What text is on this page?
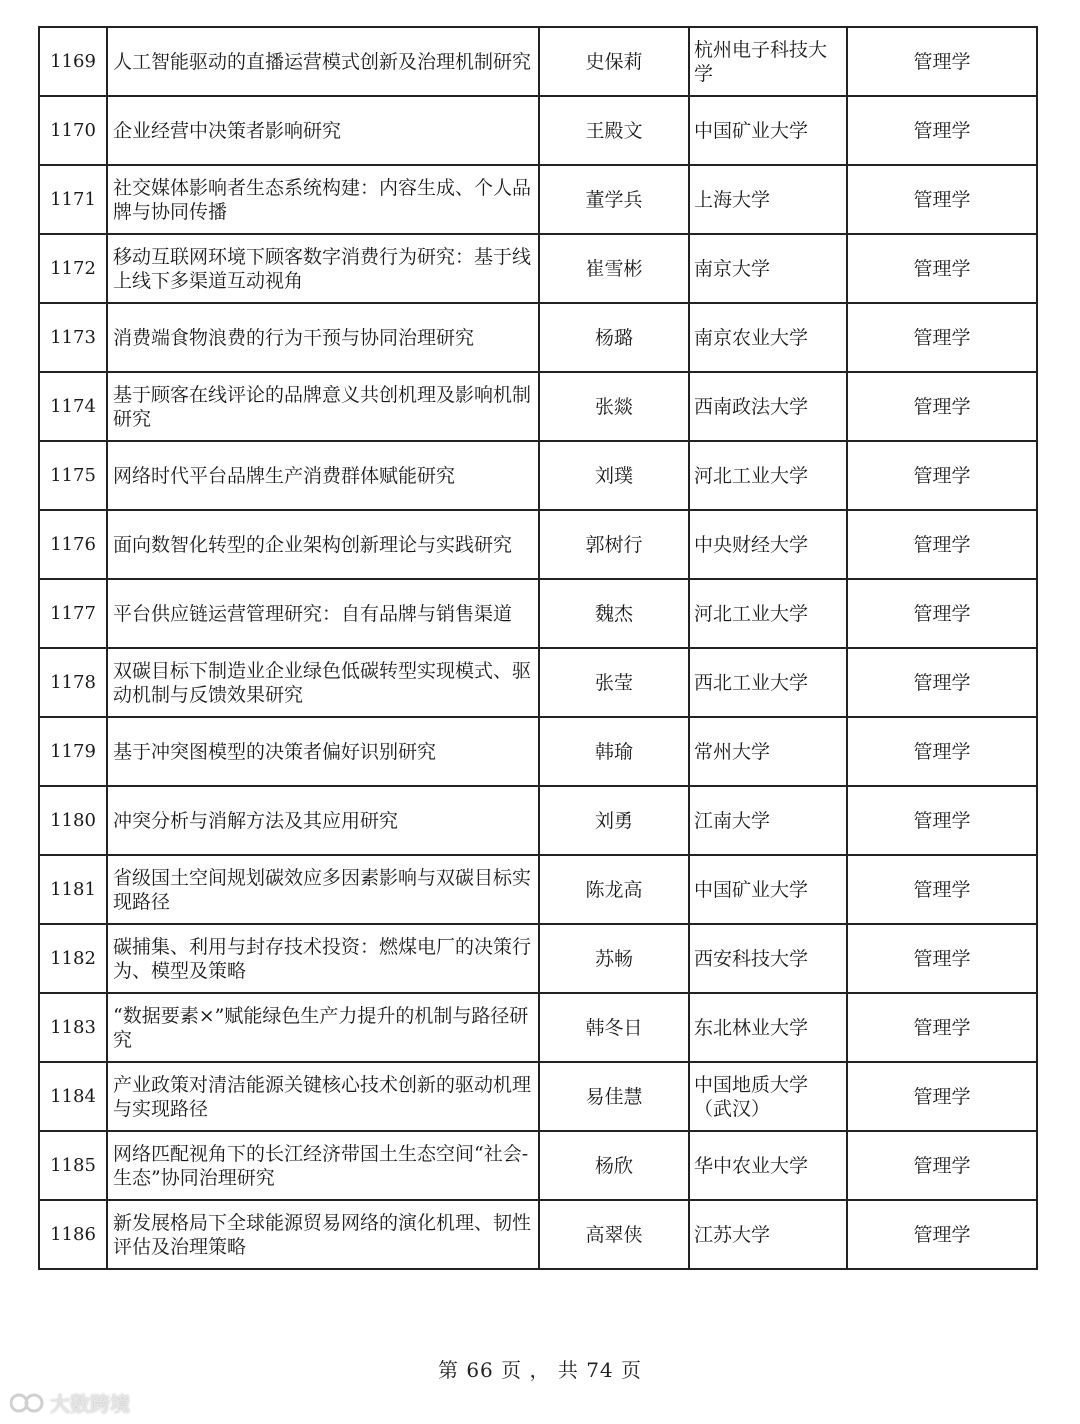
1169	人工智能驱动的直播运营模式创新及治理机制研究	史保莉	杭州电子科技大学	管理学
1170	企业经营中决策者影响研究	王殿文	中国矿业大学	管理学
1171	社交媒体影响者生态系统构建：内容生成、个人品牌与协同传播	董学兵	上海大学	管理学
1172	移动互联网环境下顾客数字消费行为研究：基于线上线下多渠道互动视角	崔雪彬	南京大学	管理学
1173	消费端食物浪费的行为干预与协同治理研究	杨璐	南京农业大学	管理学
1174	基于顾客在线评论的品牌意义共创机理及影响机制研究	张燚	西南政法大学	管理学
1175	网络时代平台品牌生产消费群体赋能研究	刘璞	河北工业大学	管理学
1176	面向数智化转型的企业架构创新理论与实践研究	郭树行	中央财经大学	管理学
1177	平台供应链运营管理研究：自有品牌与销售渠道	魏杰	河北工业大学	管理学
1178	双碳目标下制造业企业绿色低碳转型实现模式、驱动机制与反馈效果研究	张莹	西北工业大学	管理学
1179	基于冲突图模型的决策者偏好识别研究	韩瑜	常州大学	管理学
1180	冲突分析与消解方法及其应用研究	刘勇	江南大学	管理学
1181	省级国土空间规划碳效应多因素影响与双碳目标实现路径	陈龙高	中国矿业大学	管理学
1182	碳捕集、利用与封存技术投资：燃煤电厂的决策行为、模型及策略	苏畅	西安科技大学	管理学
1183	“数据要素×”赋能绿色生产力提升的机制与路径研究	韩冬日	东北林业大学	管理学
1184	产业政策对清洁能源关键核心技术创新的驱动机理与实现路径	易佳慧	中国地质大学（武汉）	管理学
1185	网络匹配视角下的长江经济带国土生态空间“社会-生态”协同治理研究	杨欣	华中农业大学	管理学
1186	新发展格局下全球能源贸易网络的演化机理、韧性评估及治理策略	高翠侠	江苏大学	管理学
第 66 页 ， 共 74 页
大数跨境
